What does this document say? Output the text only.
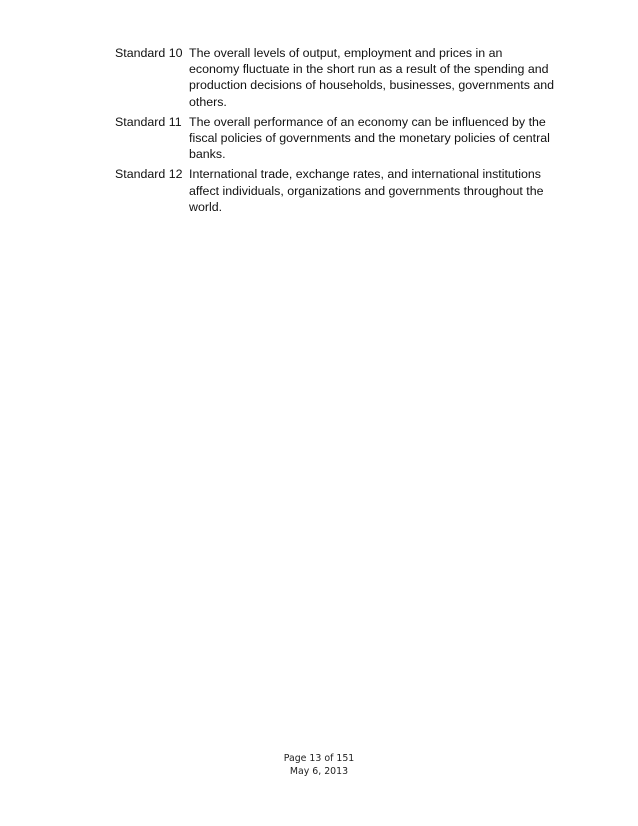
Standard 10 The overall levels of output, employment and prices in an economy fluctuate in the short run as a result of the spending and production decisions of households, businesses, governments and others.
Standard 11 The overall performance of an economy can be influenced by the fiscal policies of governments and the monetary policies of central banks.
Standard 12 International trade, exchange rates, and international institutions affect individuals, organizations and governments throughout the world.
Page 13 of 151
May 6, 2013
